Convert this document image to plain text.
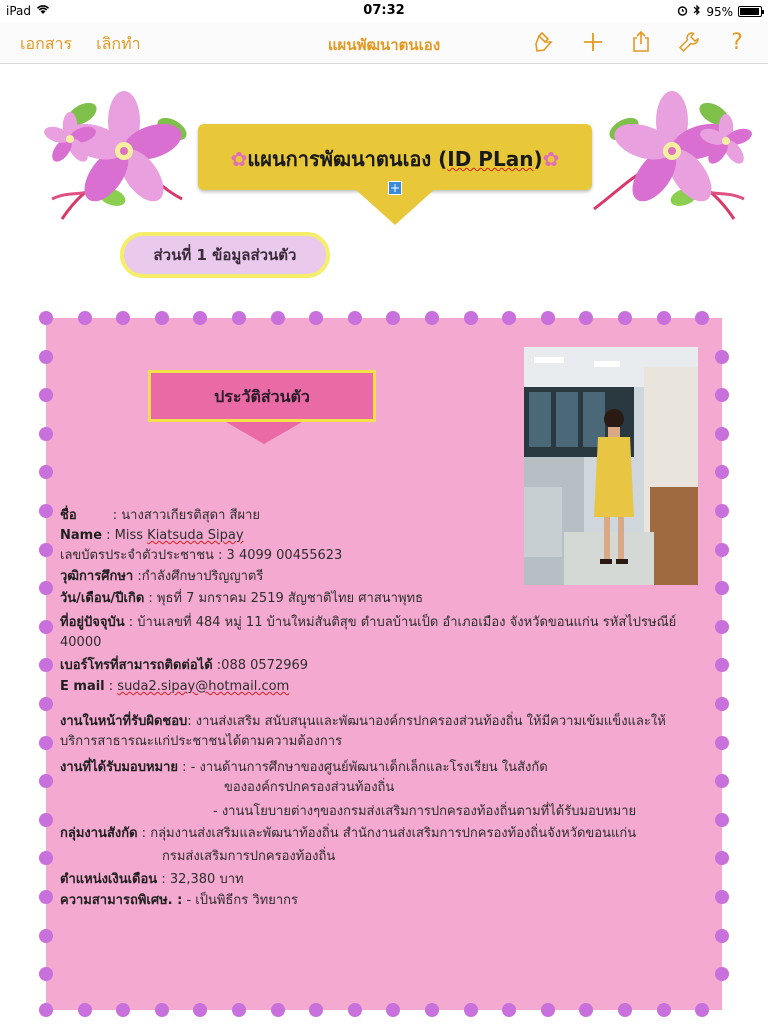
iPad	07:32	95%
เอกสาร เลิกทำ	แผนพัฒนาตนเอง	?
✿แผนการพัฒนาตนเอง (ID PLan)✿
+
ส่วนที่ 1 ข้อมูลส่วนตัว
ประวัติส่วนตัว
ชื่อ : นางสาวเกียรติสุดา สีผาย
Name : Miss Kiatsuda Sipay
เลขบัตรประจำตัวประชาชน : 3 4099 00455623
วุฒิการศึกษา :กำลังศึกษาปริญญาตรี
วัน/เดือน/ปีเกิด : พุธที่ 7 มกราคม 2519 สัญชาติไทย ศาสนาพุทธ
ที่อยู่ปัจจุบัน : บ้านเลขที่ 484 หมู่ 11 บ้านใหม่สันติสุข ตำบลบ้านเป็ด อำเภอเมือง จังหวัดขอนแก่น รหัสไปรษณีย์ 40000
เบอร์โทรที่สามารถติดต่อได้ :088 0572969
E mail : suda2.sipay@hotmail.com
งานในหน้าที่รับผิดชอบ: งานส่งเสริม สนับสนุนและพัฒนาองค์กรปกครองส่วนท้องถิ่น ให้มีความเข้มแข็งและให้บริการสาธารณะแก่ประชาชนได้ตามความต้องการ
งานที่ได้รับมอบหมาย : - งานด้านการศึกษาของศูนย์พัฒนาเด็กเล็กและโรงเรียน ในสังกัด
ขององค์กรปกครองส่วนท้องถิ่น
- งานนโยบายต่างๆของกรมส่งเสริมการปกครองท้องถิ่นตามที่ได้รับมอบหมาย
กลุ่มงานสังกัด : กลุ่มงานส่งเสริมและพัฒนาท้องถิ่น สำนักงานส่งเสริมการปกครองท้องถิ่นจังหวัดขอนแก่น
กรมส่งเสริมการปกครองท้องถิ่น
ตำแหน่งเงินเดือน : 32,380 บาท
ความสามารถพิเศษ. : - เป็นพิธีกร วิทยากร
